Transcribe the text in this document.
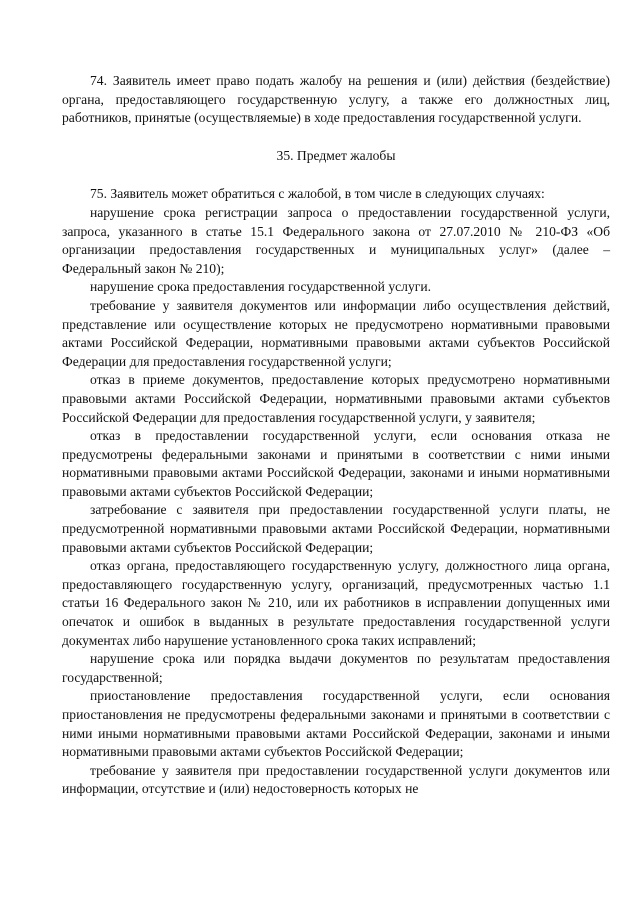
74. Заявитель имеет право подать жалобу на решения и (или) действия (бездействие) органа, предоставляющего государственную услугу, а также его должностных лиц, работников, принятые (осуществляемые) в ходе предоставления государственной услуги.

35. Предмет жалобы

75. Заявитель может обратиться с жалобой, в том числе в следующих случаях:

нарушение срока регистрации запроса о предоставлении государственной услуги, запроса, указанного в статье 15.1 Федерального закона от 27.07.2010 № 210-ФЗ «Об организации предоставления государственных и муниципальных услуг» (далее – Федеральный закон № 210);

нарушение срока предоставления государственной услуги.

требование у заявителя документов или информации либо осуществления действий, представление или осуществление которых не предусмотрено нормативными правовыми актами Российской Федерации, нормативными правовыми актами субъектов Российской Федерации для предоставления государственной услуги;

отказ в приеме документов, предоставление которых предусмотрено нормативными правовыми актами Российской Федерации, нормативными правовыми актами субъектов Российской Федерации для предоставления государственной услуги, у заявителя;

отказ в предоставлении государственной услуги, если основания отказа не предусмотрены федеральными законами и принятыми в соответствии с ними иными нормативными правовыми актами Российской Федерации, законами и иными нормативными правовыми актами субъектов Российской Федерации;

затребование с заявителя при предоставлении государственной услуги платы, не предусмотренной нормативными правовыми актами Российской Федерации, нормативными правовыми актами субъектов Российской Федерации;

отказ органа, предоставляющего государственную услугу, должностного лица органа, предоставляющего государственную услугу, организаций, предусмотренных частью 1.1 статьи 16 Федерального закон № 210, или их работников в исправлении допущенных ими опечаток и ошибок в выданных в результате предоставления государственной услуги документах либо нарушение установленного срока таких исправлений;

нарушение срока или порядка выдачи документов по результатам предоставления государственной;

приостановление предоставления государственной услуги, если основания приостановления не предусмотрены федеральными законами и принятыми в соответствии с ними иными нормативными правовыми актами Российской Федерации, законами и иными нормативными правовыми актами субъектов Российской Федерации;

требование у заявителя при предоставлении государственной услуги документов или информации, отсутствие и (или) недостоверность которых не
